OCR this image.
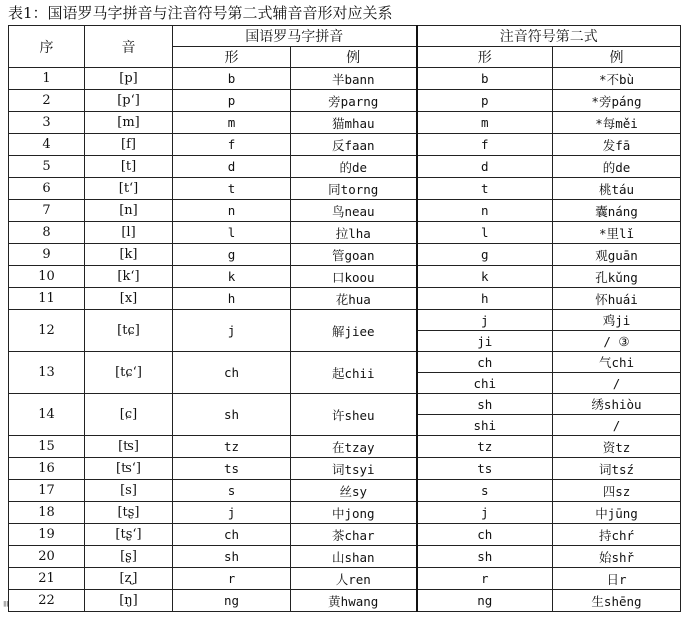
表1：国语罗马字拼音与注音符号第二式辅音音形对应关系
序	音	国语罗马字拼音		注音符号第二式	
		形	例	形	例
1	[p]	b	半bann	b	*不bù
2	[pʻ]	p	旁parng	p	*旁páng
3	[m]	m	猫mhau	m	*每měi
4	[f]	f	反faan	f	发fā
5	[t]	d	的de	d	的de
6	[tʻ]	t	同torng	t	桃táu
7	[n]	n	鸟neau	n	囊náng
8	[l]	l	拉lha	l	*里lǐ
9	[k]	g	管goan	g	观guān
10	[kʻ]	k	口koou	k	孔kǔng
11	[x]	h	花hua	h	怀huái
12	[tɕ]	j	解jiee	j	鸡ji
				ji	/ ③
13	[tɕʻ]	ch	起chii	ch	气chi
				chi	/
14	[ɕ]	sh	许sheu	sh	绣shiòu
				shi	/
15	[ʦ]	tz	在tzay	tz	资tz
16	[ʦʻ]	ts	词tsyi	ts	词tsź
17	[s]	s	丝sy	s	四sz
18	[tʂ]	j	中jong	j	中jūng
19	[tʂʻ]	ch	茶char	ch	持chŕ
20	[ʂ]	sh	山shan	sh	始shř
21	[ʐ]	r	人ren	r	日r
22	[ŋ]	ng	黄hwang	ng	生shēng
≡
